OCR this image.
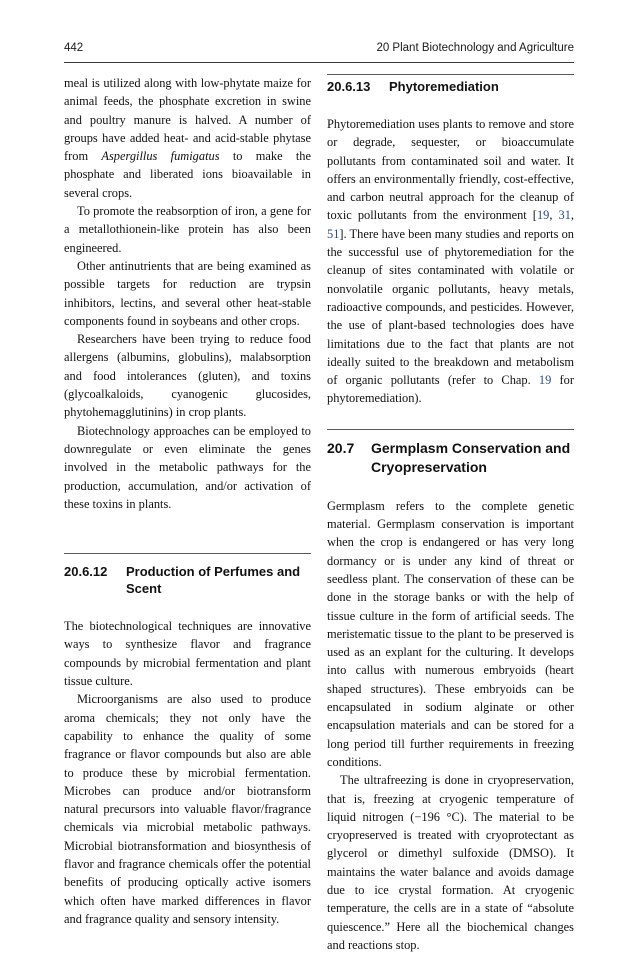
442	20 Plant Biotechnology and Agriculture

meal is utilized along with low-phytate maize for animal feeds, the phosphate excretion in swine and poultry manure is halved. A number of groups have added heat- and acid-stable phytase from Aspergillus fumigatus to make the phosphate and liberated ions bioavailable in several crops.

To promote the reabsorption of iron, a gene for a metallothionein-like protein has also been engineered.

Other antinutrients that are being examined as possible targets for reduction are trypsin inhibitors, lectins, and several other heat-stable components found in soybeans and other crops.

Researchers have been trying to reduce food allergens (albumins, globulins), malabsorption and food intolerances (gluten), and toxins (glycoalkaloids, cyanogenic glucosides, phytohemagglutinins) in crop plants.

Biotechnology approaches can be employed to downregulate or even eliminate the genes involved in the metabolic pathways for the production, accumulation, and/or activation of these toxins in plants.

20.6.12	Production of Perfumes and Scent

The biotechnological techniques are innovative ways to synthesize flavor and fragrance compounds by microbial fermentation and plant tissue culture.

Microorganisms are also used to produce aroma chemicals; they not only have the capability to enhance the quality of some fragrance or flavor compounds but also are able to produce these by microbial fermentation. Microbes can produce and/or biotransform natural precursors into valuable flavor/fragrance chemicals via microbial metabolic pathways. Microbial biotransformation and biosynthesis of flavor and fragrance chemicals offer the potential benefits of producing optically active isomers which often have marked differences in flavor and fragrance quality and sensory intensity.

20.6.13	Phytoremediation

Phytoremediation uses plants to remove and store or degrade, sequester, or bioaccumulate pollutants from contaminated soil and water. It offers an environmentally friendly, cost-effective, and carbon neutral approach for the cleanup of toxic pollutants from the environment [19, 31, 51]. There have been many studies and reports on the successful use of phytoremediation for the cleanup of sites contaminated with volatile or nonvolatile organic pollutants, heavy metals, radioactive compounds, and pesticides. However, the use of plant-based technologies does have limitations due to the fact that plants are not ideally suited to the breakdown and metabolism of organic pollutants (refer to Chap. 19 for phytoremediation).

20.7	Germplasm Conservation and Cryopreservation

Germplasm refers to the complete genetic material. Germplasm conservation is important when the crop is endangered or has very long dormancy or is under any kind of threat or seedless plant. The conservation of these can be done in the storage banks or with the help of tissue culture in the form of artificial seeds. The meristematic tissue to the plant to be preserved is used as an explant for the culturing. It develops into callus with numerous embryoids (heart shaped structures). These embryoids can be encapsulated in sodium alginate or other encapsulation materials and can be stored for a long period till further requirements in freezing conditions.

The ultrafreezing is done in cryopreservation, that is, freezing at cryogenic temperature of liquid nitrogen (−196 °C). The material to be cryopreserved is treated with cryoprotectant as glycerol or dimethyl sulfoxide (DMSO). It maintains the water balance and avoids damage due to ice crystal formation. At cryogenic temperature, the cells are in a state of “absolute quiescence.” Here all the biochemical changes and reactions stop.
